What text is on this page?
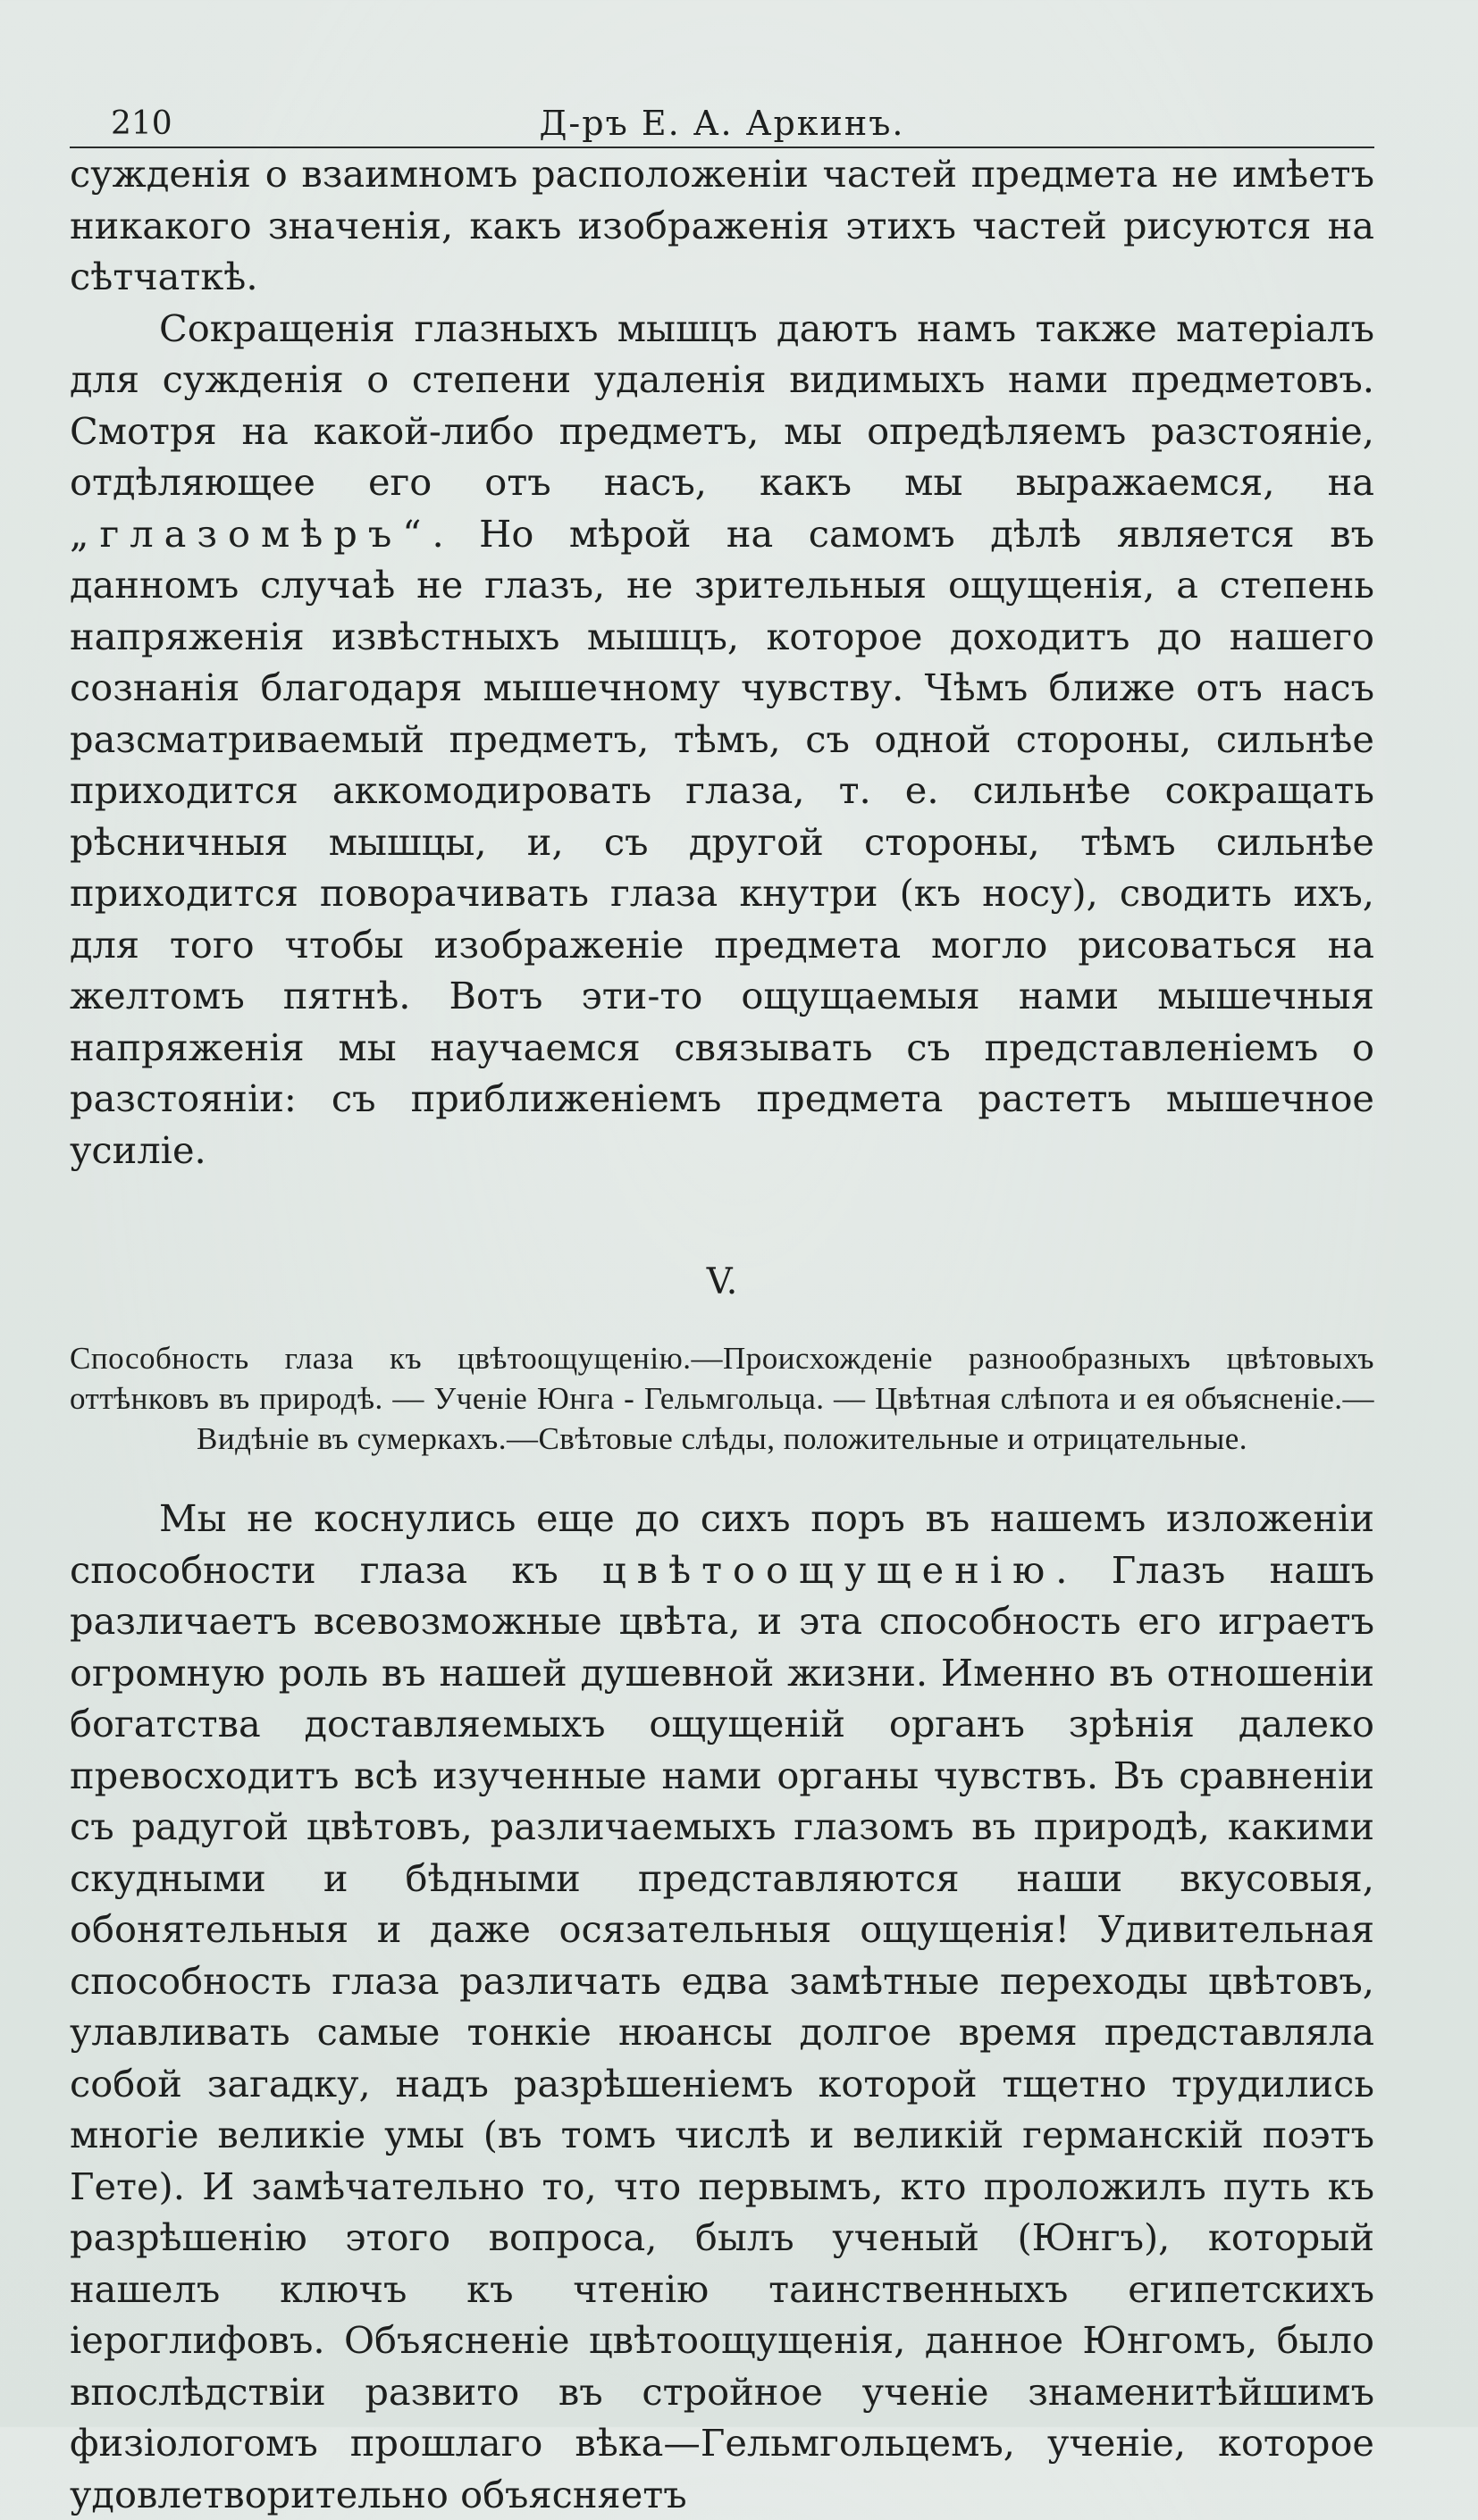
210	Д-ръ Е. А. Аркинъ.

сужденія о взаимномъ расположеніи частей предмета не имѣетъ никакого значенія, какъ изображенія этихъ частей рисуются на сѣтчаткѣ.

Сокращенія глазныхъ мышцъ даютъ намъ также матеріалъ для сужденія о степени удаленія видимыхъ нами предметовъ. Смотря на какой-либо предметъ, мы опредѣляемъ разстояніе, отдѣляющее его отъ насъ, какъ мы выражаемся, на „глазомѣръ“. Но мѣрой на самомъ дѣлѣ является въ данномъ случаѣ не глазъ, не зрительныя ощущенія, а степень напряженія извѣстныхъ мышцъ, которое доходитъ до нашего сознанія благодаря мышечному чувству. Чѣмъ ближе отъ насъ разсматриваемый предметъ, тѣмъ, съ одной стороны, сильнѣе приходится аккомодировать глаза, т. е. сильнѣе сокращать рѣсничныя мышцы, и, съ другой стороны, тѣмъ сильнѣе приходится поворачивать глаза кнутри (къ носу), сводить ихъ, для того чтобы изображеніе предмета могло рисоваться на желтомъ пятнѣ. Вотъ эти-то ощущаемыя нами мышечныя напряженія мы научаемся связывать съ представленіемъ о разстояніи: съ приближеніемъ предмета растетъ мышечное усиліе.

V.
Способность глаза къ цвѣтоощущенію.—Происхожденіе разнообразныхъ цвѣтовыхъ оттѣнковъ въ природѣ. — Ученіе Юнга - Гельмгольца. — Цвѣтная слѣпота и ея объясненіе.—Видѣніе въ сумеркахъ.—Свѣтовые слѣды, положительные и отрицательные.

Мы не коснулись еще до сихъ поръ въ нашемъ изложеніи способности глаза къ цвѣтоощущенію. Глазъ нашъ различаетъ всевозможные цвѣта, и эта способность его играетъ огромную роль въ нашей душевной жизни. Именно въ отношеніи богатства доставляемыхъ ощущеній органъ зрѣнія далеко превосходитъ всѣ изученные нами органы чувствъ. Въ сравненіи съ радугой цвѣтовъ, различаемыхъ глазомъ въ природѣ, какими скудными и бѣдными представляются наши вкусовыя, обонятельныя и даже осязательныя ощущенія! Удивительная способность глаза различать едва замѣтные переходы цвѣтовъ, улавливать самые тонкіе нюансы долгое время представляла собой загадку, надъ разрѣшеніемъ которой тщетно трудились многіе великіе умы (въ томъ числѣ и великій германскій поэтъ Гете). И замѣчательно то, что первымъ, кто проложилъ путь къ разрѣшенію этого вопроса, былъ ученый (Юнгъ), который нашелъ ключъ къ чтенію таинственныхъ египетскихъ іероглифовъ. Объясненіе цвѣтоощущенія, данное Юнгомъ, было впослѣдствіи развито въ стройное ученіе знаменитѣйшимъ физіологомъ прошлаго вѣка—Гельмгольцемъ, ученіе, которое удовлетворительно объясняетъ
